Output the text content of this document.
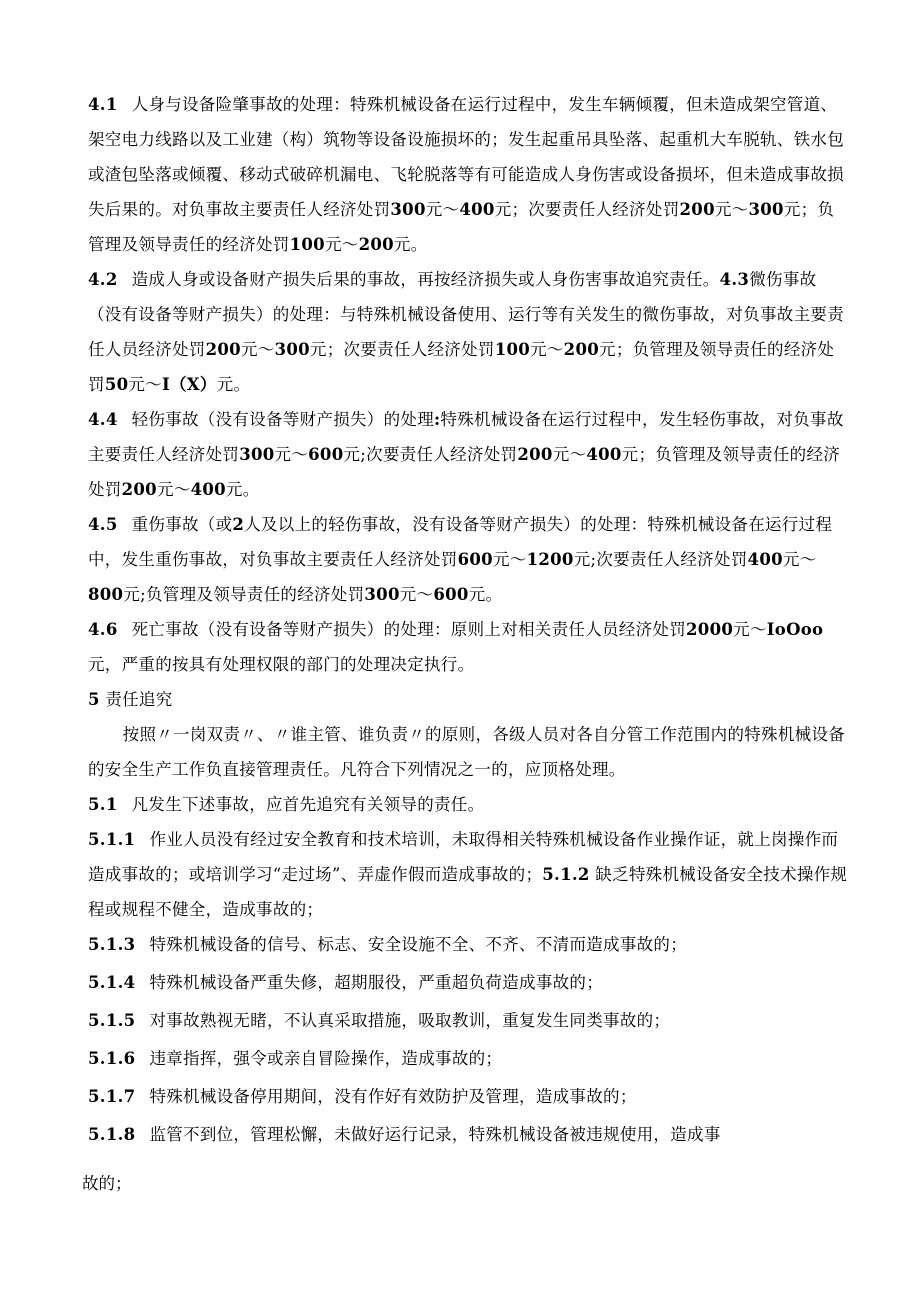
4.1 人身与设备险肇事故的处理：特殊机械设备在运行过程中，发生车辆倾覆，但未造成架空管道、架空电力线路以及工业建（构）筑物等设备设施损坏的；发生起重吊具坠落、起重机大车脱轨、铁水包或渣包坠落或倾覆、移动式破碎机漏电、飞轮脱落等有可能造成人身伤害或设备损坏，但未造成事故损失后果的。对负事故主要责任人经济处罚300元～400元；次要责任人经济处罚200元～300元；负管理及领导责任的经济处罚100元～200元。

4.2 造成人身或设备财产损失后果的事故，再按经济损失或人身伤害事故追究责任。4.3微伤事故（没有设备等财产损失）的处理：与特殊机械设备使用、运行等有关发生的微伤事故，对负事故主要责任人员经济处罚200元～300元；次要责任人经济处罚100元～200元；负管理及领导责任的经济处罚50元～I（X）元。

4.4 轻伤事故（没有设备等财产损失）的处理:特殊机械设备在运行过程中，发生轻伤事故，对负事故主要责任人经济处罚300元～600元;次要责任人经济处罚200元～400元；负管理及领导责任的经济处罚200元～400元。

4.5 重伤事故（或2人及以上的轻伤事故，没有设备等财产损失）的处理：特殊机械设备在运行过程中，发生重伤事故，对负事故主要责任人经济处罚600元～1200元;次要责任人经济处罚400元～800元;负管理及领导责任的经济处罚300元～600元。

4.6 死亡事故（没有设备等财产损失）的处理：原则上对相关责任人员经济处罚2000元～IoOoo元，严重的按具有处理权限的部门的处理决定执行。

5 责任追究

按照〃一岗双责〃、〃谁主管、谁负责〃的原则，各级人员对各自分管工作范围内的特殊机械设备的安全生产工作负直接管理责任。凡符合下列情况之一的，应顶格处理。

5.1 凡发生下述事故，应首先追究有关领导的责任。

5.1.1 作业人员没有经过安全教育和技术培训，未取得相关特殊机械设备作业操作证，就上岗操作而造成事故的；或培训学习“走过场”、弄虚作假而造成事故的；5.1.2 缺乏特殊机械设备安全技术操作规程或规程不健全，造成事故的；

5.1.3 特殊机械设备的信号、标志、安全设施不全、不齐、不清而造成事故的；

5.1.4 特殊机械设备严重失修，超期服役，严重超负荷造成事故的；

5.1.5 对事故熟视无睹，不认真采取措施，吸取教训，重复发生同类事故的；

5.1.6 违章指挥，强令或亲自冒险操作，造成事故的；

5.1.7 特殊机械设备停用期间，没有作好有效防护及管理，造成事故的；

5.1.8 监管不到位，管理松懈，未做好运行记录，特殊机械设备被违规使用，造成事

故的；
